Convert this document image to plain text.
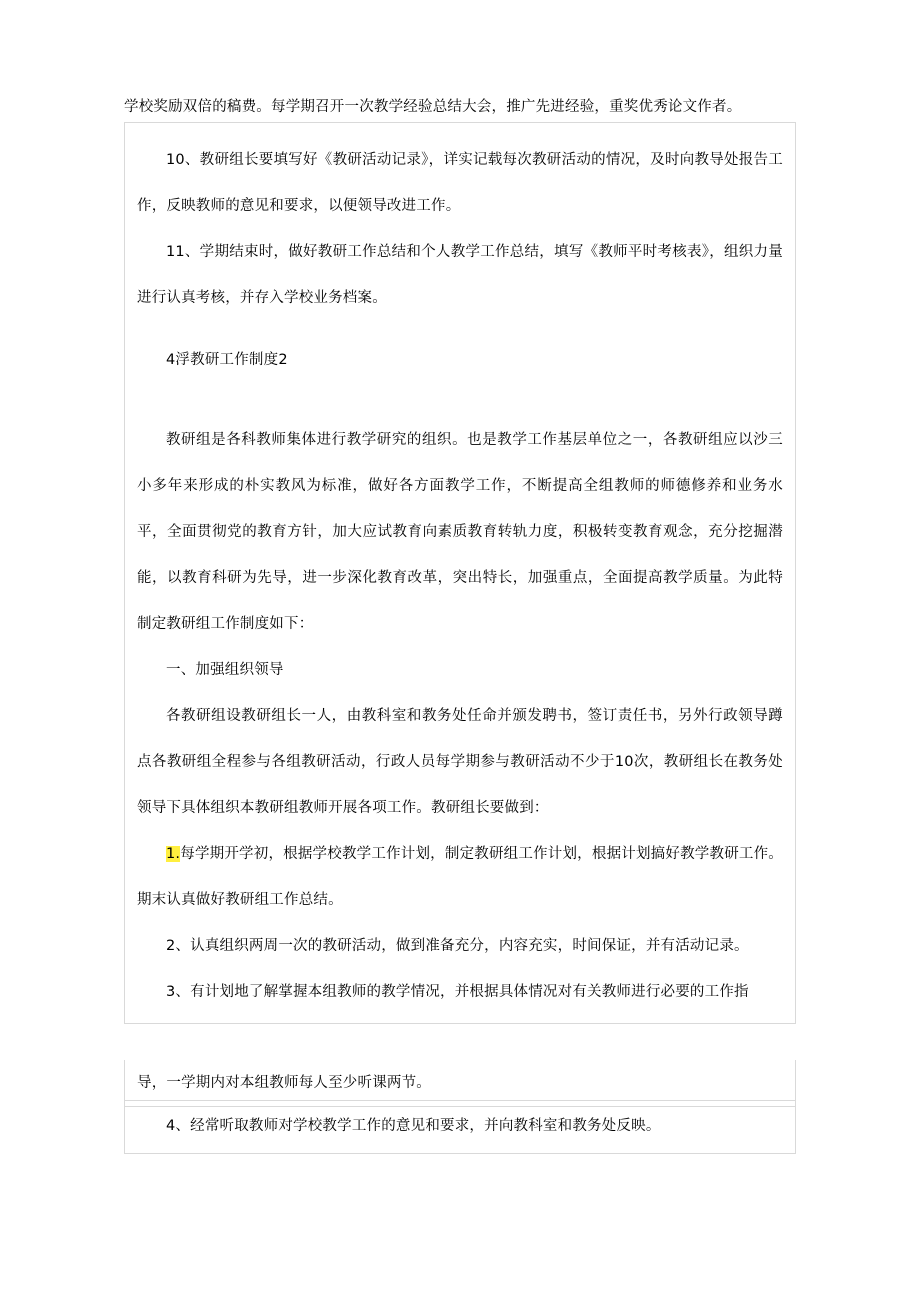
学校奖励双倍的稿费。每学期召开一次教学经验总结大会，推广先进经验，重奖优秀论文作者。

10、教研组长要填写好《教研活动记录》，详实记载每次教研活动的情况，及时向教导处报告工作，反映教师的意见和要求，以便领导改进工作。

11、学期结束时，做好教研工作总结和个人教学工作总结，填写《教师平时考核表》，组织力量进行认真考核，并存入学校业务档案。

4浮教研工作制度2

教研组是各科教师集体进行教学研究的组织。也是教学工作基层单位之一，各教研组应以沙三小多年来形成的朴实教风为标准，做好各方面教学工作，不断提高全组教师的师德修养和业务水平，全面贯彻党的教育方针，加大应试教育向素质教育转轨力度，积极转变教育观念，充分挖掘潜能，以教育科研为先导，进一步深化教育改革，突出特长，加强重点，全面提高教学质量。为此特制定教研组工作制度如下：

一、加强组织领导

各教研组设教研组长一人，由教科室和教务处任命并颁发聘书，签订责任书，另外行政领导蹲点各教研组全程参与各组教研活动，行政人员每学期参与教研活动不少于10次，教研组长在教务处领导下具体组织本教研组教师开展各项工作。教研组长要做到：

1.每学期开学初，根据学校教学工作计划，制定教研组工作计划，根据计划搞好教学教研工作。期末认真做好教研组工作总结。

2、认真组织两周一次的教研活动，做到准备充分，内容充实，时间保证，并有活动记录。

3、有计划地了解掌握本组教师的教学情况，并根据具体情况对有关教师进行必要的工作指

导，一学期内对本组教师每人至少听课两节。

4、经常听取教师对学校教学工作的意见和要求，并向教科室和教务处反映。
